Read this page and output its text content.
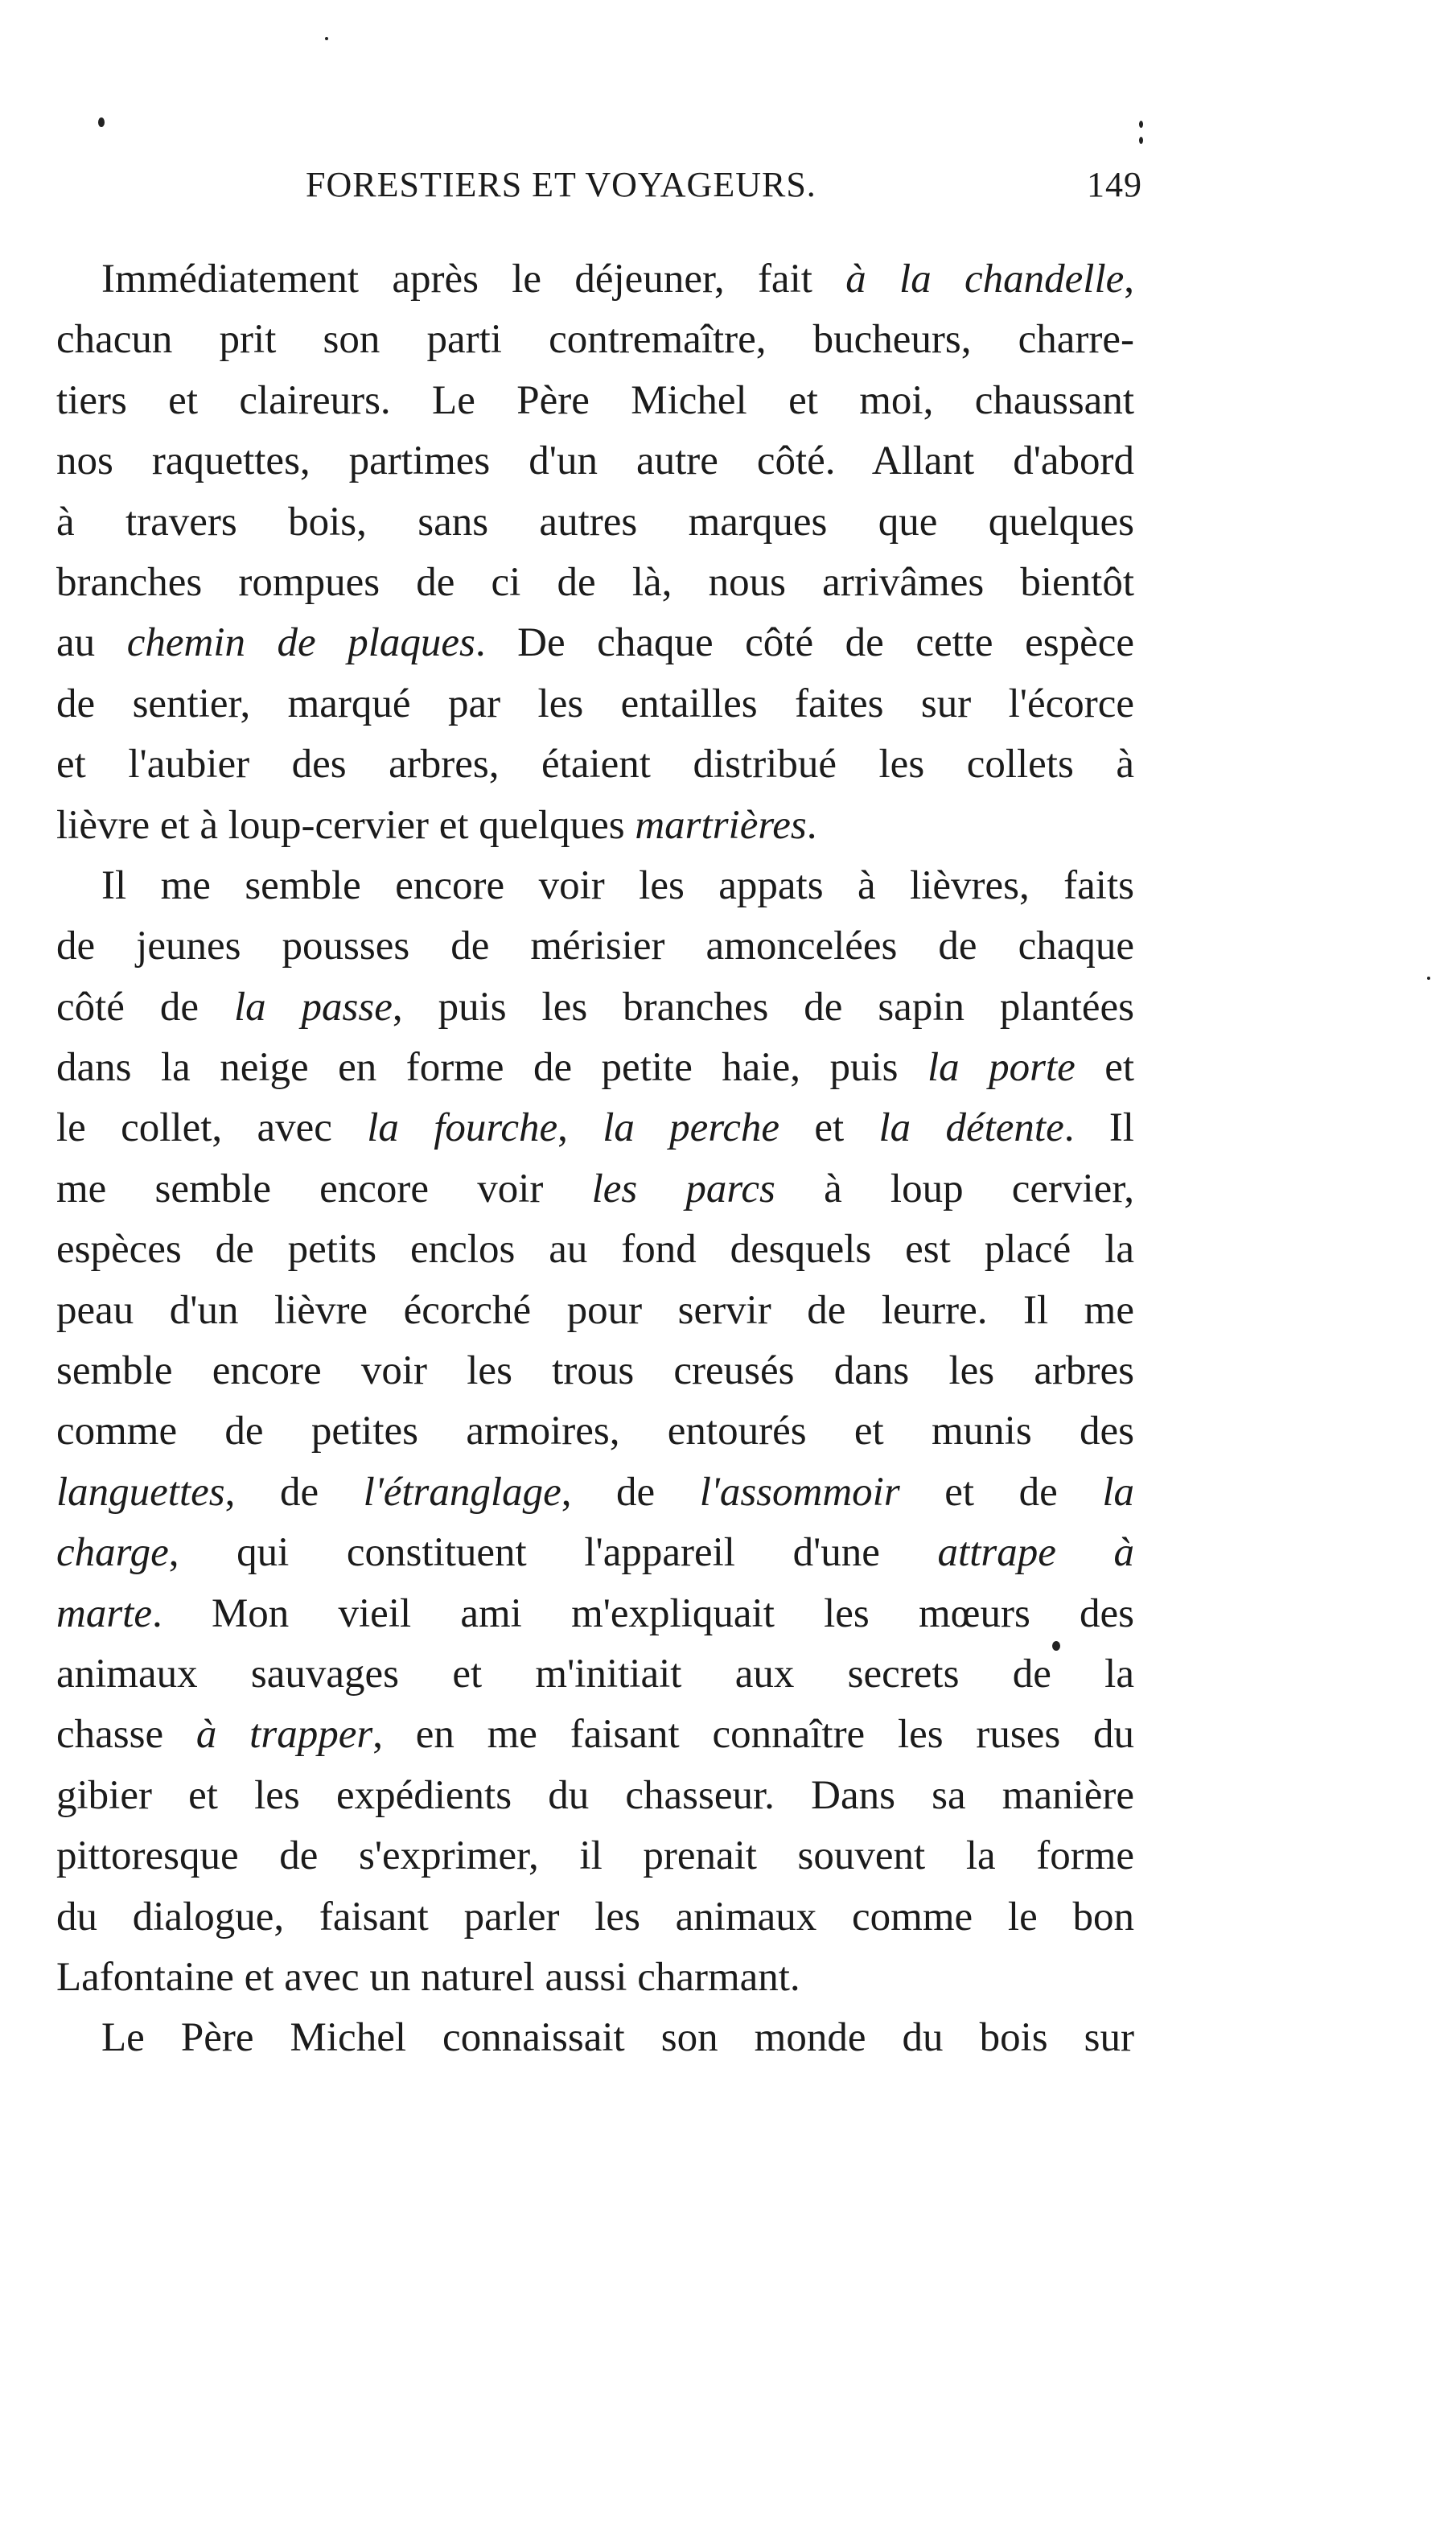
FORESTIERS ET VOYAGEURS.	149
Immédiatement après le déjeuner, fait à la chandelle,
chacun prit son parti contremaître, bucheurs, charre-
tiers et claireurs. Le Père Michel et moi, chaussant
nos raquettes, partimes d'un autre côté. Allant d'abord
à travers bois, sans autres marques que quelques
branches rompues de ci de là, nous arrivâmes bientôt
au chemin de plaques. De chaque côté de cette espèce
de sentier, marqué par les entailles faites sur l'écorce
et l'aubier des arbres, étaient distribué les collets à
lièvre et à loup-cervier et quelques martrières.
Il me semble encore voir les appats à lièvres, faits
de jeunes pousses de mérisier amoncelées de chaque
côté de la passe, puis les branches de sapin plantées
dans la neige en forme de petite haie, puis la porte et
le collet, avec la fourche, la perche et la détente. Il
me semble encore voir les parcs à loup cervier,
espèces de petits enclos au fond desquels est placé la
peau d'un lièvre écorché pour servir de leurre. Il me
semble encore voir les trous creusés dans les arbres
comme de petites armoires, entourés et munis des
languettes, de l'étranglage, de l'assommoir et de la
charge, qui constituent l'appareil d'une attrape à
marte. Mon vieil ami m'expliquait les mœurs des
animaux sauvages et m'initiait aux secrets de la
chasse à trapper, en me faisant connaître les ruses du
gibier et les expédients du chasseur. Dans sa manière
pittoresque de s'exprimer, il prenait souvent la forme
du dialogue, faisant parler les animaux comme le bon
Lafontaine et avec un naturel aussi charmant.
Le Père Michel connaissait son monde du bois sur
